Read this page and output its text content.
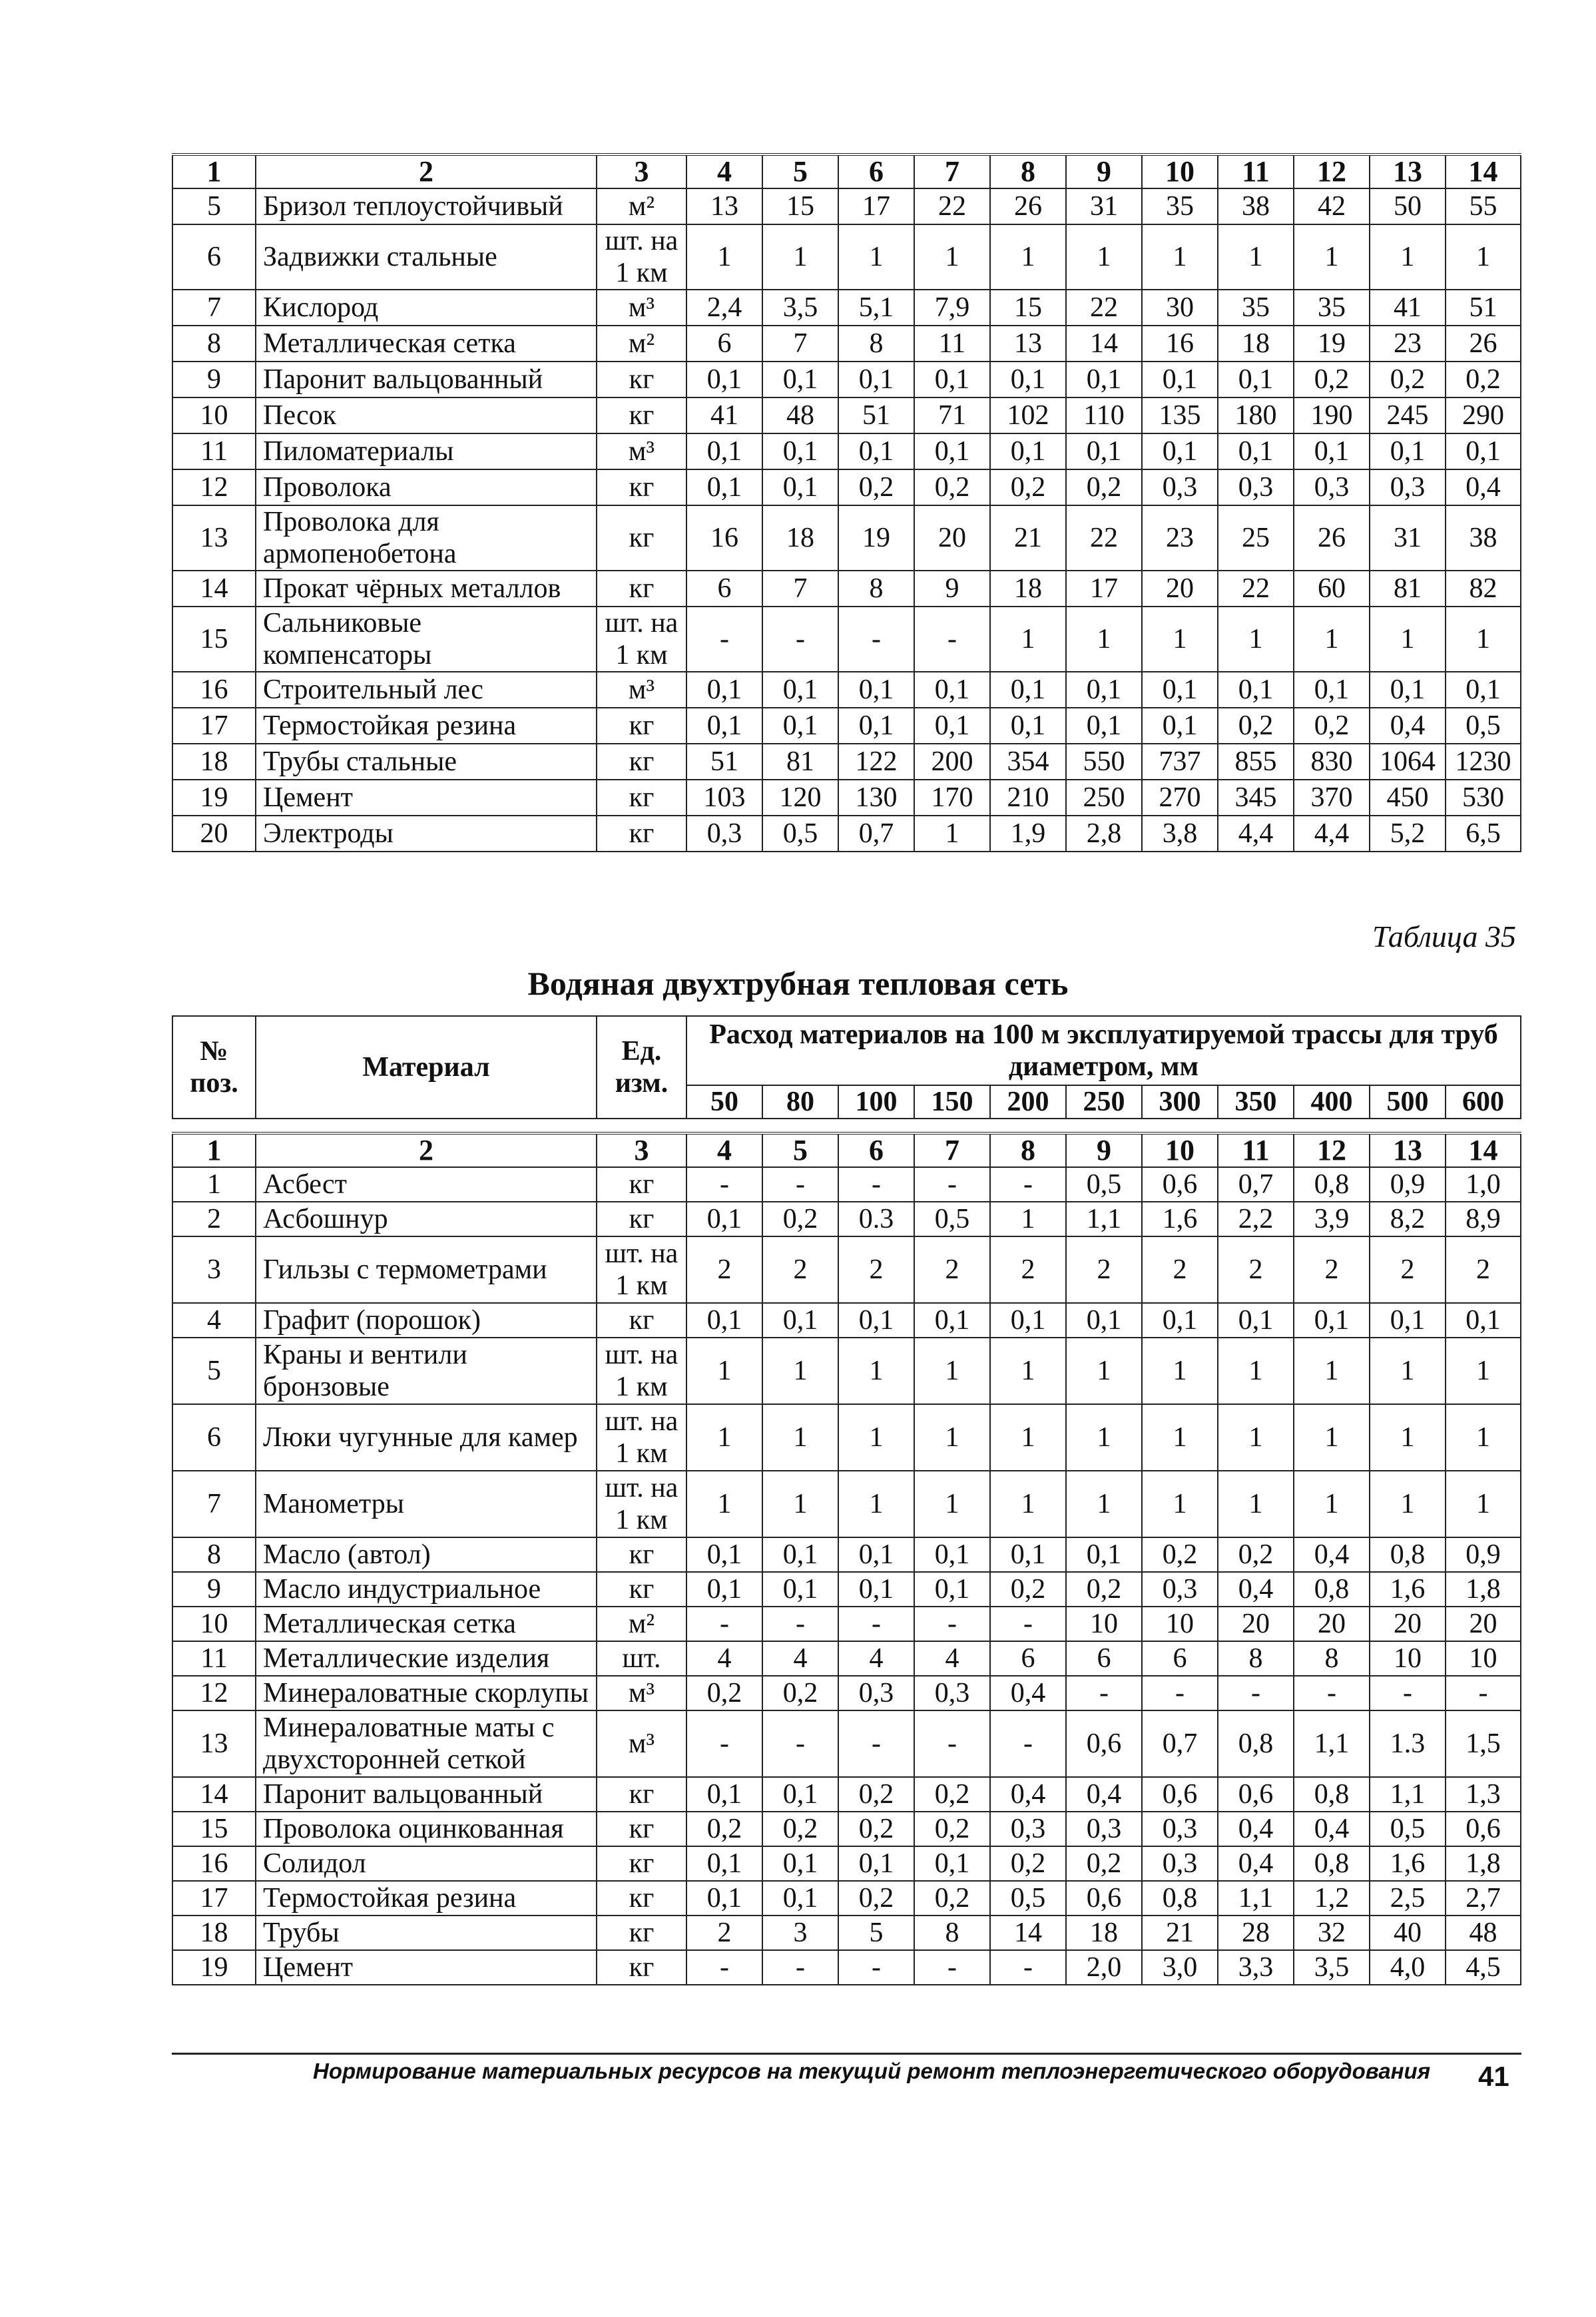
1	2	3	4	5	6	7	8	9	10	11	12	13	14
5	Бризол теплоустойчивый	м²	13	15	17	22	26	31	35	38	42	50	55
6	Задвижки стальные	шт. на 1 км	1	1	1	1	1	1	1	1	1	1	1
7	Кислород	м³	2,4	3,5	5,1	7,9	15	22	30	35	35	41	51
8	Металлическая сетка	м²	6	7	8	11	13	14	16	18	19	23	26
9	Паронит вальцованный	кг	0,1	0,1	0,1	0,1	0,1	0,1	0,1	0,1	0,2	0,2	0,2
10	Песок	кг	41	48	51	71	102	110	135	180	190	245	290
11	Пиломатериалы	м³	0,1	0,1	0,1	0,1	0,1	0,1	0,1	0,1	0,1	0,1	0,1
12	Проволока	кг	0,1	0,1	0,2	0,2	0,2	0,2	0,3	0,3	0,3	0,3	0,4
13	Проволока для армопенобетона	кг	16	18	19	20	21	22	23	25	26	31	38
14	Прокат чёрных металлов	кг	6	7	8	9	18	17	20	22	60	81	82
15	Сальниковые компенсаторы	шт. на 1 км	-	-	-	-	1	1	1	1	1	1	1
16	Строительный лес	м³	0,1	0,1	0,1	0,1	0,1	0,1	0,1	0,1	0,1	0,1	0,1
17	Термостойкая резина	кг	0,1	0,1	0,1	0,1	0,1	0,1	0,1	0,2	0,2	0,4	0,5
18	Трубы стальные	кг	51	81	122	200	354	550	737	855	830	1064	1230
19	Цемент	кг	103	120	130	170	210	250	270	345	370	450	530
20	Электроды	кг	0,3	0,5	0,7	1	1,9	2,8	3,8	4,4	4,4	5,2	6,5
Таблица 35
Водяная двухтрубная тепловая сеть
№ поз.	Материал	Ед. изм.	Расход материалов на 100 м эксплуатируемой трассы для труб диаметром, мм										
			50	80	100	150	200	250	300	350	400	500	600
1	2	3	4	5	6	7	8	9	10	11	12	13	14
1	Асбест	кг	-	-	-	-	-	0,5	0,6	0,7	0,8	0,9	1,0
2	Асбошнур	кг	0,1	0,2	0.3	0,5	1	1,1	1,6	2,2	3,9	8,2	8,9
3	Гильзы с термометрами	шт. на 1 км	2	2	2	2	2	2	2	2	2	2	2
4	Графит (порошок)	кг	0,1	0,1	0,1	0,1	0,1	0,1	0,1	0,1	0,1	0,1	0,1
5	Краны и вентили бронзовые	шт. на 1 км	1	1	1	1	1	1	1	1	1	1	1
6	Люки чугунные для камер	шт. на 1 км	1	1	1	1	1	1	1	1	1	1	1
7	Манометры	шт. на 1 км	1	1	1	1	1	1	1	1	1	1	1
8	Масло (автол)	кг	0,1	0,1	0,1	0,1	0,1	0,1	0,2	0,2	0,4	0,8	0,9
9	Масло индустриальное	кг	0,1	0,1	0,1	0,1	0,2	0,2	0,3	0,4	0,8	1,6	1,8
10	Металлическая сетка	м²	-	-	-	-	-	10	10	20	20	20	20
11	Металлические изделия	шт.	4	4	4	4	6	6	6	8	8	10	10
12	Минераловатные скорлупы	м³	0,2	0,2	0,3	0,3	0,4	-	-	-	-	-	-
13	Минераловатные маты с двухсторонней сеткой	м³	-	-	-	-	-	0,6	0,7	0,8	1,1	1.3	1,5
14	Паронит вальцованный	кг	0,1	0,1	0,2	0,2	0,4	0,4	0,6	0,6	0,8	1,1	1,3
15	Проволока оцинкованная	кг	0,2	0,2	0,2	0,2	0,3	0,3	0,3	0,4	0,4	0,5	0,6
16	Солидол	кг	0,1	0,1	0,1	0,1	0,2	0,2	0,3	0,4	0,8	1,6	1,8
17	Термостойкая резина	кг	0,1	0,1	0,2	0,2	0,5	0,6	0,8	1,1	1,2	2,5	2,7
18	Трубы	кг	2	3	5	8	14	18	21	28	32	40	48
19	Цемент	кг	-	-	-	-	-	2,0	3,0	3,3	3,5	4,0	4,5
Нормирование материальных ресурсов на текущий ремонт теплоэнергетического оборудования 41
